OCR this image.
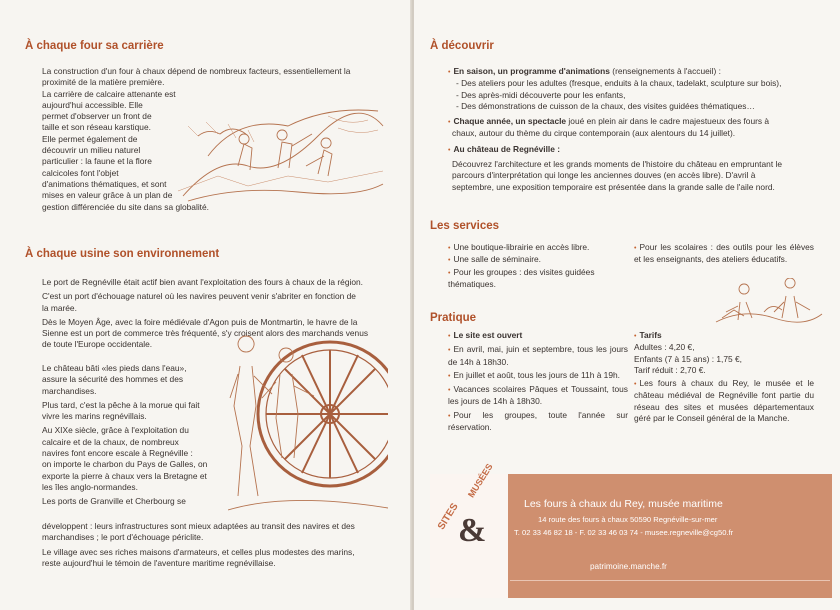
À chaque four sa carrière
La construction d'un four à chaux dépend de nombreux facteurs, essentiellement la
proximité de la matière première.
La carrière de calcaire attenante est
aujourd'hui accessible. Elle
permet d'observer un front de
taille et son réseau karstique.
Elle permet également de
découvrir un milieu naturel
particulier : la faune et la flore
calcicoles font l'objet
d'animations thématiques, et sont
mises en valeur grâce à un plan de
gestion différenciée du site dans sa globalité.
À chaque usine son environnement
Le port de Regnéville était actif bien avant l'exploitation des fours à chaux de la région.
C'est un port d'échouage naturel où les navires peuvent venir s'abriter en fonction de
la marée.
Dès le Moyen Âge, avec la foire médiévale d'Agon puis de Montmartin, le havre de la
Sienne est un port de commerce très fréquenté, s'y croisent alors des marchands venus
de toute l'Europe occidentale.
Le château bâti «les pieds dans l'eau»,
assure la sécurité des hommes et des
marchandises.
Plus tard, c'est la pêche à la morue qui fait
vivre les marins regnévillais.
Au XIXe siècle, grâce à l'exploitation du
calcaire et de la chaux, de nombreux
navires font encore escale à Regnéville :
on importe le charbon du Pays de Galles, on
exporte la pierre à chaux vers la Bretagne et
les îles anglo-normandes.
Les ports de Granville et Cherbourg se
développent : leurs infrastructures sont mieux adaptées au transit des navires et des
marchandises ; le port d'échouage périclite.
Le village avec ses riches maisons d'armateurs, et celles plus modestes des marins,
reste aujourd'hui le témoin de l'aventure maritime regnévillaise.
À découvrir
• En saison, un programme d'animations (renseignements à l'accueil) :
- Des ateliers pour les adultes (fresque, enduits à la chaux, tadelakt, sculpture sur bois),
- Des après-midi découverte pour les enfants,
- Des démonstrations de cuisson de la chaux, des visites guidées thématiques…
• Chaque année, un spectacle joué en plein air dans le cadre majestueux des fours à
chaux, autour du thème du cirque contemporain (aux alentours du 14 juillet).
• Au château de Regnéville :
Découvrez l'architecture et les grands moments de l'histoire du château en empruntant le
parcours d'interprétation qui longe les anciennes douves (en accès libre). D'avril à
septembre, une exposition temporaire est présentée dans la grande salle de l'aile nord.
Les services
• Une boutique-librairie en accès libre.
• Une salle de séminaire.
• Pour les groupes : des visites guidées thématiques.
• Pour les scolaires : des outils pour les élèves et les enseignants, des ateliers éducatifs.
Pratique
• Le site est ouvert
• En avril, mai, juin et septembre, tous les jours de 14h à 18h30.
• En juillet et août, tous les jours de 11h à 19h.
• Vacances scolaires Pâques et Toussaint, tous les jours de 14h à 18h30.
• Pour les groupes, toute l'année sur réservation.
• Tarifs
Adultes : 4,20 €,
Enfants (7 à 15 ans) : 1,75 €,
Tarif réduit : 2,70 €.
• Les fours à chaux du Rey, le musée et le château médiéval de Regnéville font partie du réseau des sites et musées départementaux géré par le Conseil général de la Manche.
SITES
&
MUSÉES
Les fours à chaux du Rey, musée maritime
14 route des fours à chaux 50590 Regnéville-sur-mer
T. 02 33 46 82 18 - F. 02 33 46 03 74 - musee.regneville@cg50.fr
patrimoine.manche.fr
